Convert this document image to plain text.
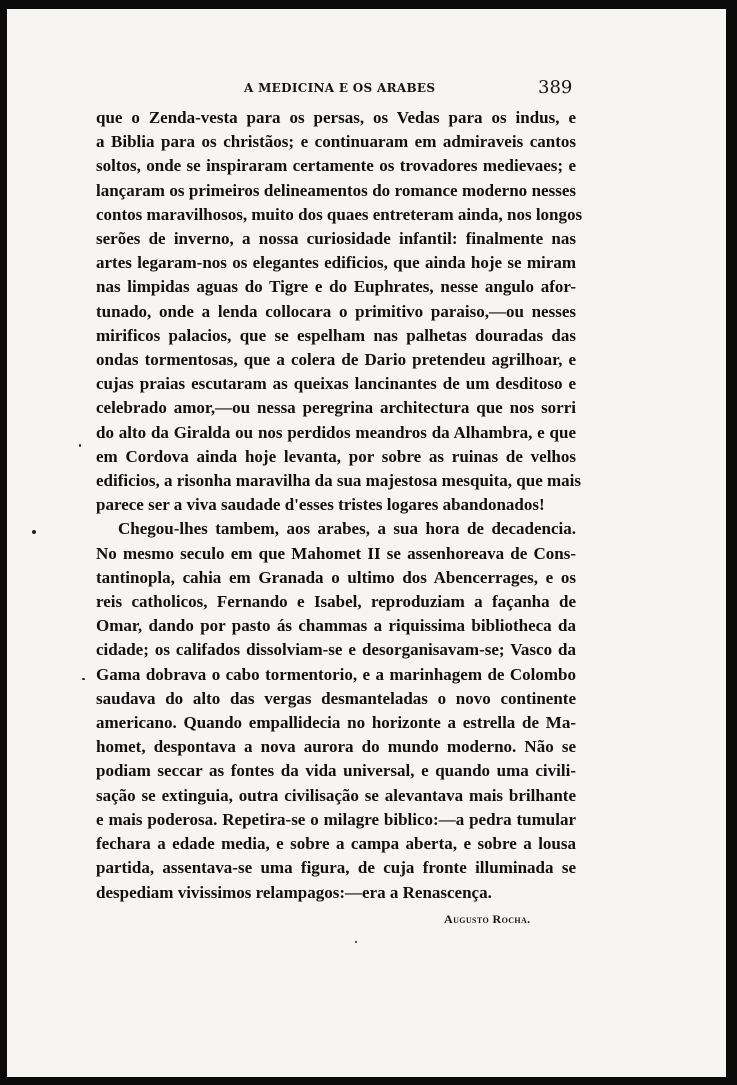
A MEDICINA E OS ARABES	389

que o Zenda-vesta para os persas, os Vedas para os indus, e
a Biblia para os christãos; e continuaram em admiraveis cantos
soltos, onde se inspiraram certamente os trovadores medievaes; e
lançaram os primeiros delineamentos do romance moderno nesses
contos maravilhosos, muito dos quaes entreteram ainda, nos longos
serões de inverno, a nossa curiosidade infantil: finalmente nas
artes legaram-nos os elegantes edificios, que ainda hoje se miram
nas limpidas aguas do Tigre e do Euphrates, nesse angulo afor-
tunado, onde a lenda collocara o primitivo paraiso,—ou nesses
mirificos palacios, que se espelham nas palhetas douradas das
ondas tormentosas, que a colera de Dario pretendeu agrilhoar, e
cujas praias escutaram as queixas lancinantes de um desditoso e
celebrado amor,—ou nessa peregrina architectura que nos sorri
do alto da Giralda ou nos perdidos meandros da Alhambra, e que
em Cordova ainda hoje levanta, por sobre as ruinas de velhos
edificios, a risonha maravilha da sua majestosa mesquita, que mais
parece ser a viva saudade d'esses tristes logares abandonados!

Chegou-lhes tambem, aos arabes, a sua hora de decadencia.
No mesmo seculo em que Mahomet II se assenhoreava de Cons-
tantinopla, cahia em Granada o ultimo dos Abencerrages, e os
reis catholicos, Fernando e Isabel, reproduziam a façanha de
Omar, dando por pasto ás chammas a riquissima bibliotheca da
cidade; os califados dissolviam-se e desorganisavam-se; Vasco da
Gama dobrava o cabo tormentorio, e a marinhagem de Colombo
saudava do alto das vergas desmanteladas o novo continente
americano. Quando empallidecia no horizonte a estrella de Ma-
homet, despontava a nova aurora do mundo moderno. Não se
podiam seccar as fontes da vida universal, e quando uma civili-
sação se extinguia, outra civilisação se alevantava mais brilhante
e mais poderosa. Repetira-se o milagre biblico:—a pedra tumular
fechara a edade media, e sobre a campa aberta, e sobre a lousa
partida, assentava-se uma figura, de cuja fronte illuminada se
despediam vivissimos relampagos:—era a Renascença.

Augusto Rocha.
